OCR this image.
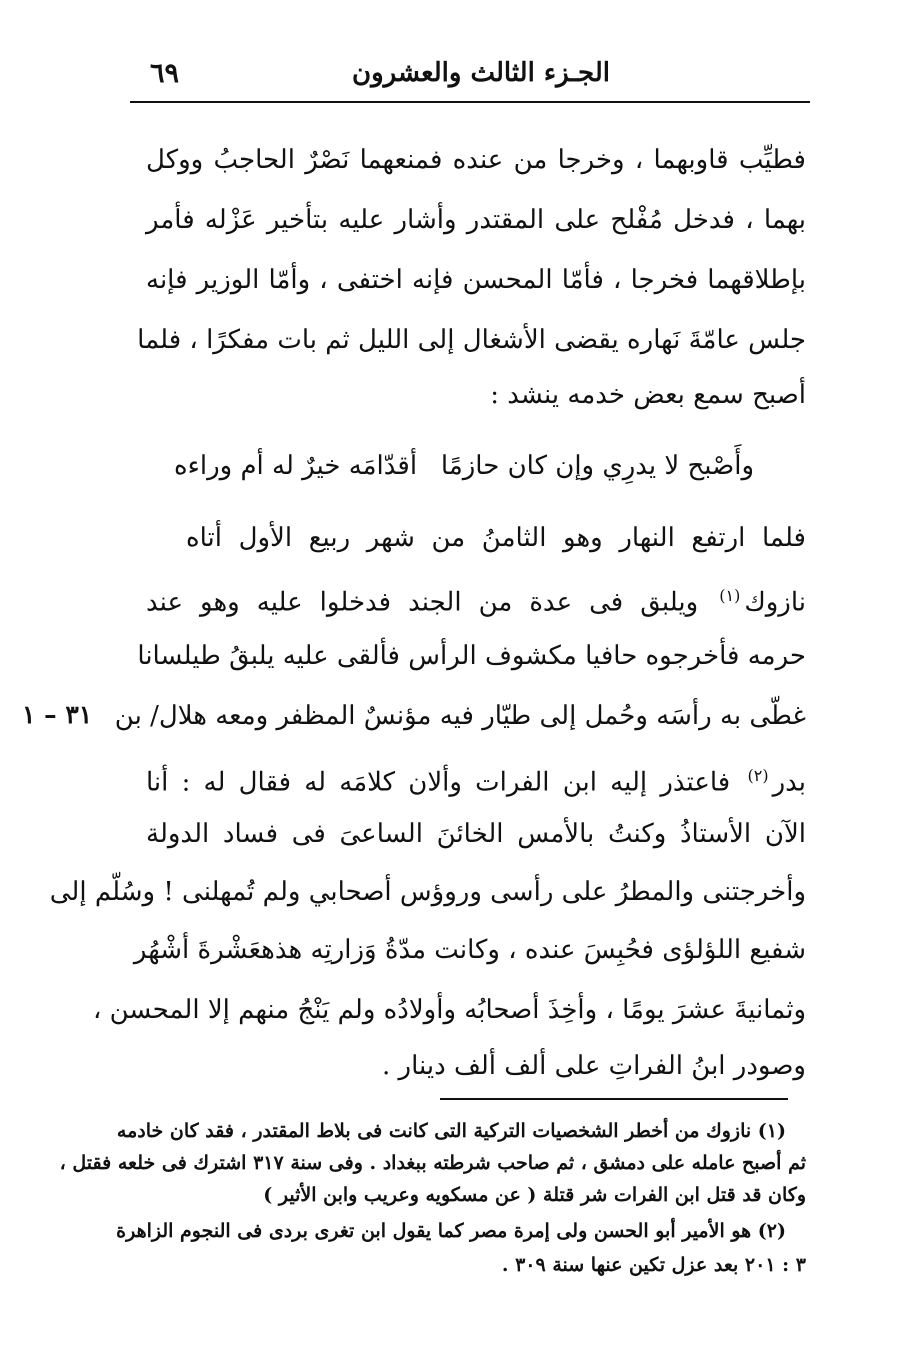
الجـزء الثالث والعشرون
٦٩
فطيِّب قاوبهما ، وخرجا من عنده فمنعهما نَصْرٌ الحاجبُ ووكل
بهما ، فدخل مُفْلح على المقتدر وأشار عليه بتأخير عَزْله فأمر
بإطلاقهما فخرجا ، فأمّا المحسن فإنه اختفى ، وأمّا الوزير فإنه
جلس عامّةَ نَهاره يقضى الأشغال إلى الليل ثم بات مفكرًا ، فلما
أصبح سمع بعض خدمه ينشد :
وأَصْبح لا يدرِي وإن كان حازمًا
أقدّامَه خيرٌ له أم وراءه
فلما ارتفع النهار وهو الثامنُ من شهر ربيع الأول أتاه
نازوك$^{(١)}$ ويلبق فى عدة من الجند فدخلوا عليه وهو عند
حرمه فأخرجوه حافيا مكشوف الرأس فألقى عليه يلبقُ طيلسانا
غطّى به رأسَه وحُمل إلى طيّار فيه مؤنسٌ المظفر ومعه هلال/ بن
بدر$^{(٢)}$ فاعتذر إليه ابن الفرات وألان كلامَه له فقال له : أنا
الآن الأستاذُ وكنتُ بالأمس الخائنَ الساعىَ فى فساد الدولة
وأخرجتنى والمطرُ على رأسى وروؤس أصحابي ولم تُمهلنى ! وسُلّم إلى
شفيع اللؤلؤى فحُبِسَ عنده ، وكانت مدّةُ وَزارتِه هذهعَشْرةَ أشْهُر
وثمانيةَ عشرَ يومًا ، وأخِذَ أصحابُه وأولادُه ولم يَنْجُ منهم إلا المحسن ،
وصودر ابنُ الفراتِ على ألف ألف دينار .
٣١ – ١
(١) نازوك من أخطر الشخصيات التركية التى كانت فى بلاط المقتدر ، فقد كان خادمه
ثم أصبح عامله على دمشق ، ثم صاحب شرطته ببغداد . وفى سنة ٣١٧ اشترك فى خلعه فقتل ،
وكان قد قتل ابن الفرات شر قتلة ( عن مسكويه وعريب وابن الأثير )
(٢) هو الأمير أبو الحسن ولى إمرة مصر كما يقول ابن تغرى بردى فى النجوم الزاهرة
٣ : ٢٠١ بعد عزل تكين عنها سنة ٣٠٩ .
